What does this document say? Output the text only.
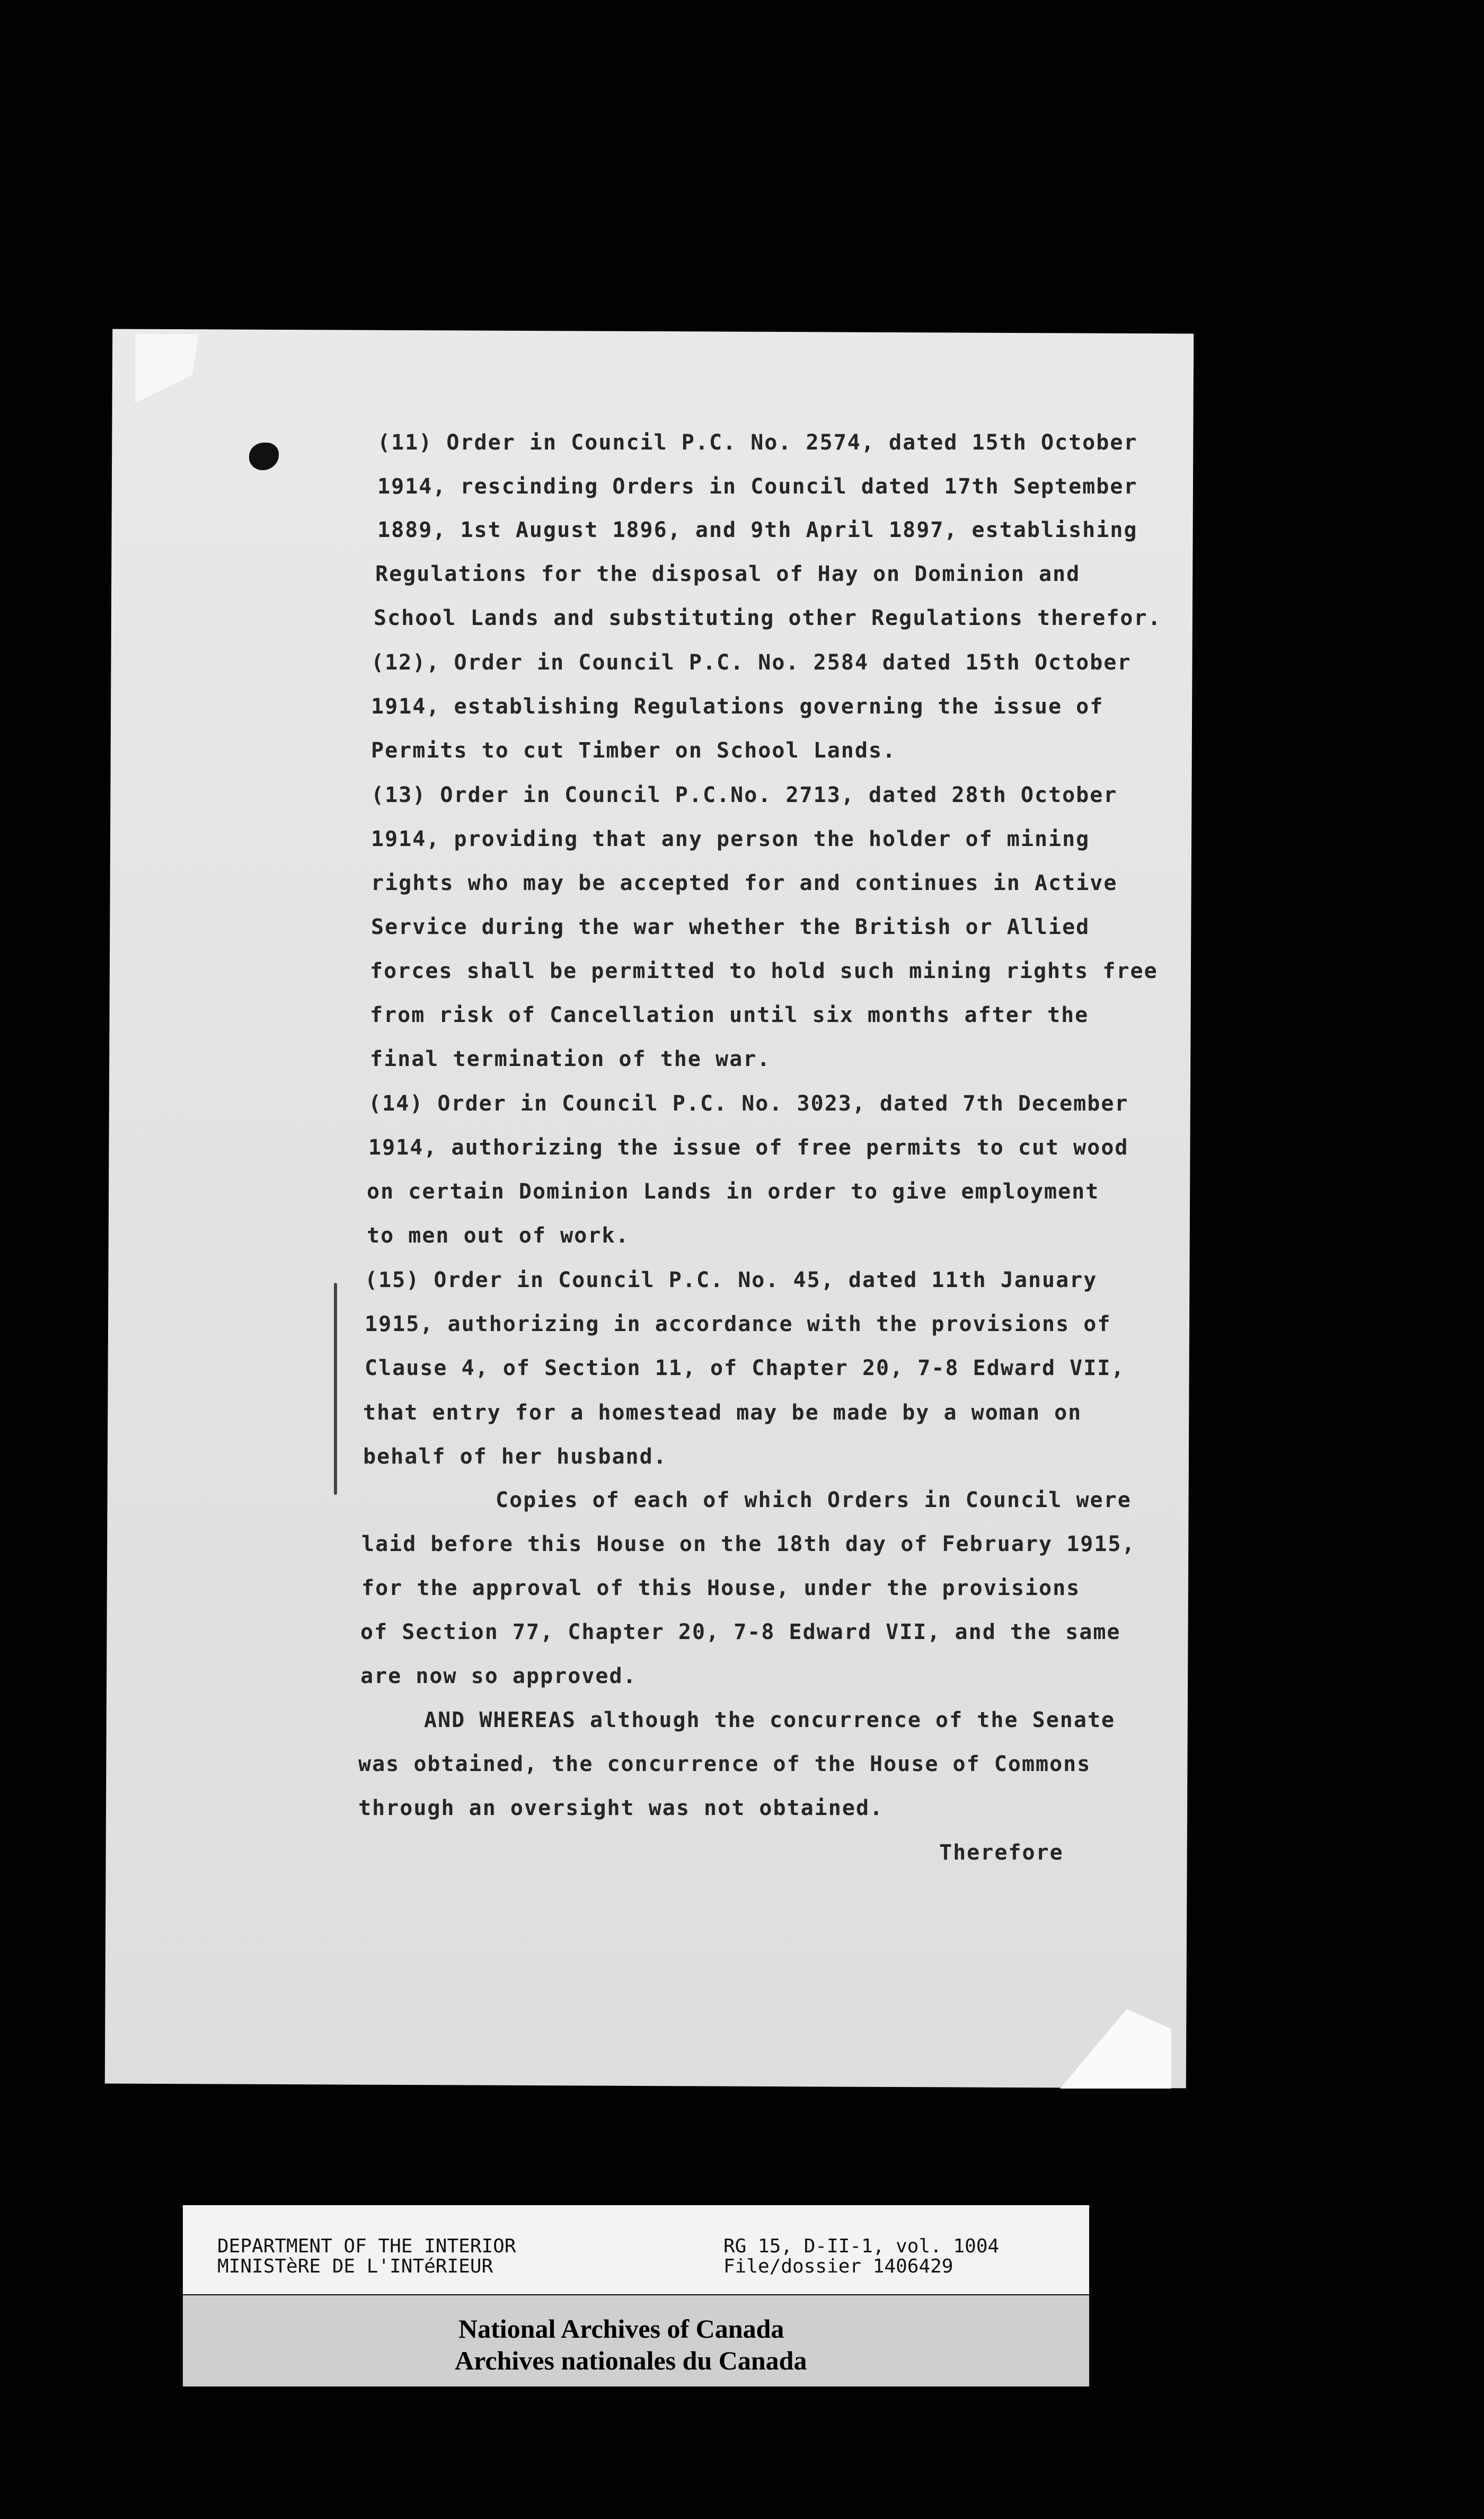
(11) Order in Council P.C. No. 2574, dated 15th October
1914, rescinding Orders in Council dated 17th September
1889, 1st August 1896, and 9th April 1897, establishing
Regulations for the disposal of Hay on Dominion and
School Lands and substituting other Regulations therefor.
(12), Order in Council P.C. No. 2584 dated 15th October
1914, establishing Regulations governing the issue of
Permits to cut Timber on School Lands.
(13) Order in Council P.C.No. 2713, dated 28th October
1914, providing that any person the holder of mining
rights who may be accepted for and continues in Active
Service during the war whether the British or Allied
forces shall be permitted to hold such mining rights free
from risk of Cancellation until six months after the
final termination of the war.
(14) Order in Council P.C. No. 3023, dated 7th December
1914, authorizing the issue of free permits to cut wood
on certain Dominion Lands in order to give employment
to men out of work.
(15) Order in Council P.C. No. 45, dated 11th January
1915, authorizing in accordance with the provisions of
Clause 4, of Section 11, of Chapter 20, 7-8 Edward VII,
that entry for a homestead may be made by a woman on
behalf of her husband.
Copies of each of which Orders in Council were
laid before this House on the 18th day of February 1915,
for the approval of this House, under the provisions
of Section 77, Chapter 20, 7-8 Edward VII, and the same
are now so approved.
AND WHEREAS although the concurrence of the Senate
was obtained, the concurrence of the House of Commons
through an oversight was not obtained.
Therefore
DEPARTMENT OF THE INTERIOR
MINISTèRE DE L'INTéRIEUR
RG 15, D-II-1, vol. 1004
File/dossier 1406429
National Archives of Canada
Archives nationales du Canada
